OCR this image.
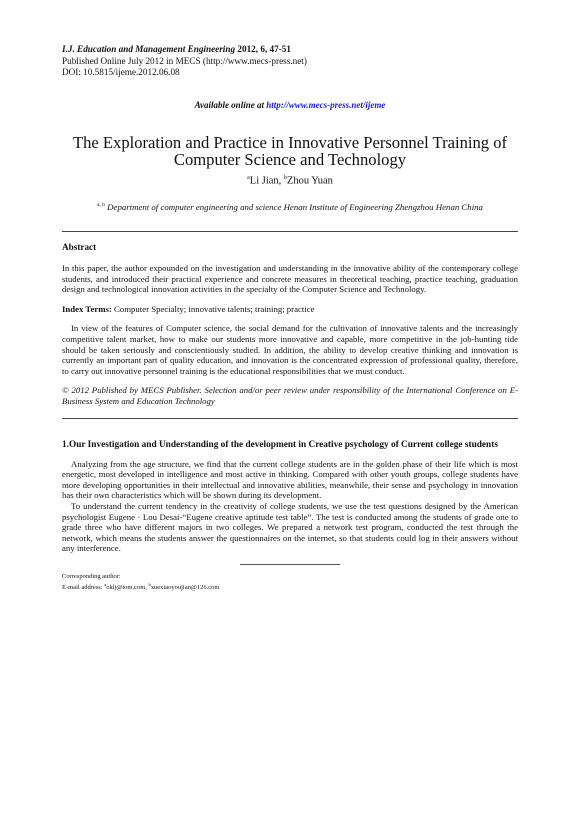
I.J. Education and Management Engineering 2012, 6, 47-51
Published Online July 2012 in MECS (http://www.mecs-press.net)
DOI: 10.5815/ijeme.2012.06.08
Available online at http://www.mecs-press.net/ijeme
The Exploration and Practice in Innovative Personnel Training of Computer Science and Technology
$^a$Li Jian, $^b$Zhou Yuan
$^{a, b}$ Department of computer engineering and science Henan Institute of Engineering Zhengzhou Henan China
Abstract

In this paper, the author expounded on the investigation and understanding in the innovative ability of the contemporary college students, and introduced their practical experience and concrete measures in theoretical teaching, practice teaching, graduation design and technological innovation activities in the specialty of the Computer Science and Technology.

Index Terms: Computer Specialty; innovative talents; training; practice

In view of the features of Computer science, the social demand for the cultivation of innovative talents and the increasingly competitive talent market, how to make our students more innovative and capable, more competitive in the job-hunting tide should be taken seriously and conscientiously studied. In addition, the ability to develop creative thinking and innovation is currently an important part of quality education, and innovation is the concentrated expression of professional quality, therefore, to carry out innovative personnel training is the educational responsibilities that we must conduct.

© 2012 Published by MECS Publisher. Selection and/or peer review under responsibility of the International Conference on E-Business System and Education Technology

1.Our Investigation and Understanding of the development in Creative psychology of Current college students

Analyzing from the age structure, we find that the current college students are in the golden phase of their life which is most energetic, most developed in intelligence and most active in thinking. Compared with other youth groups, college students have more developing opportunities in their intellectual and innovative abilities, meanwhile, their sense and psychology in innovation has their own characteristics which will be shown during its development.

To understand the current tendency in the creativity of college students, we use the test questions designed by the American psychologist Eugene · Lou Desai-“Eugene creative aptitude test table”. The test is conducted among the students of grade one to grade three who have different majors in two colleges. We prepared a network test program, conducted the test through the network, which means the students answer the questionnaires on the internet, so that students could log in their answers without any interference.

Corresponding author:
E-mail address: $^a$oklj@tom.com, $^b$xuexiaoyoujian@126.com
